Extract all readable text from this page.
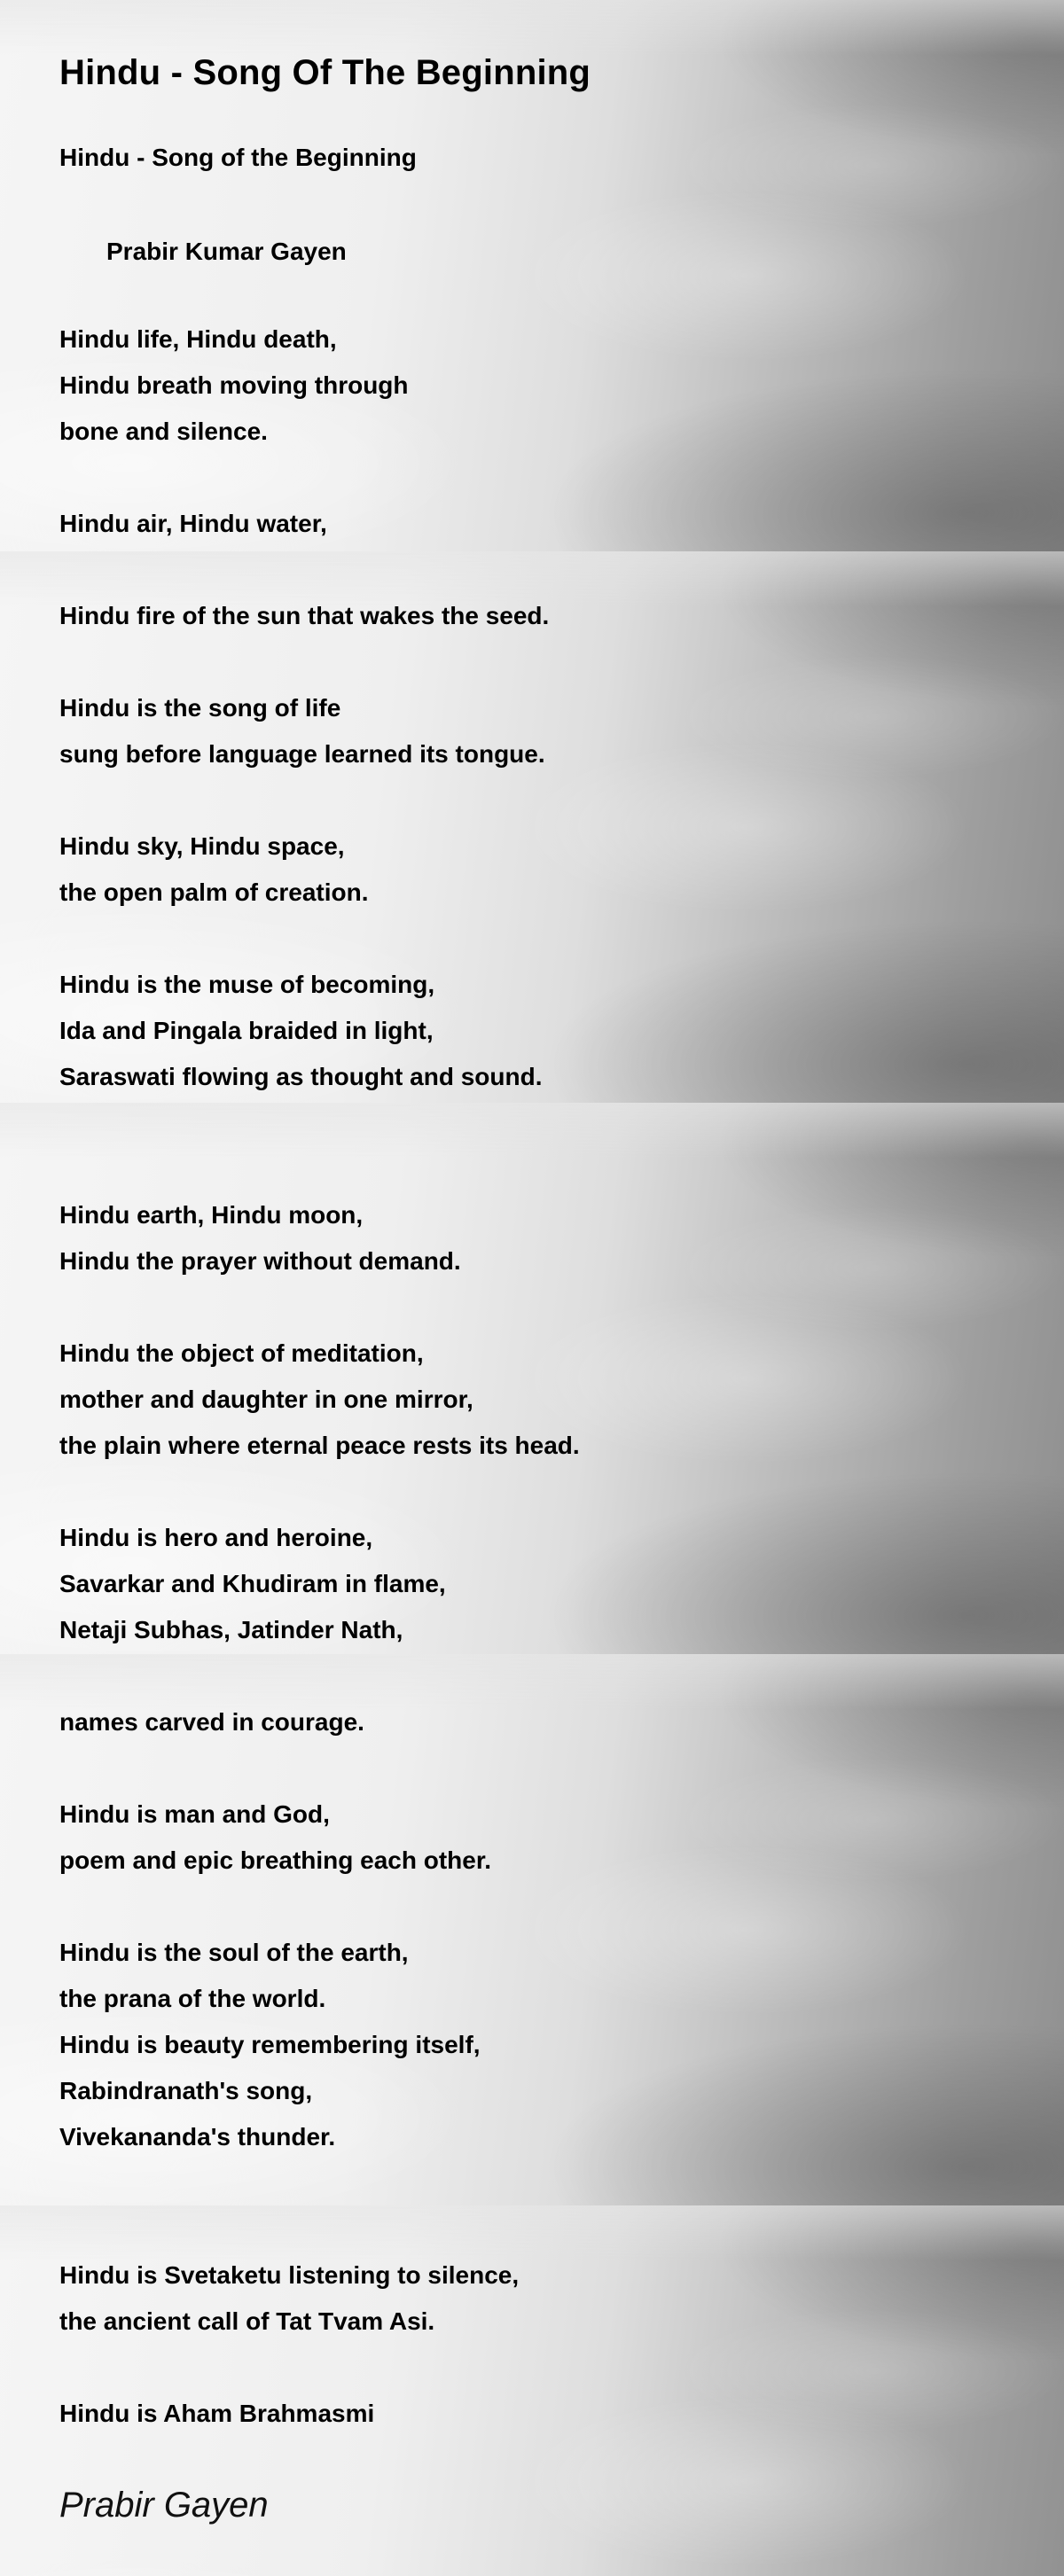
Hindu - Song Of The Beginning
Hindu - Song of the Beginning
Prabir Kumar Gayen
Hindu life, Hindu death,
Hindu breath moving through
bone and silence.
Hindu air, Hindu water,
Hindu fire of the sun that wakes the seed.
Hindu is the song of life
sung before language learned its tongue.
Hindu sky, Hindu space,
the open palm of creation.
Hindu is the muse of becoming,
Ida and Pingala braided in light,
Saraswati flowing as thought and sound.
Hindu earth, Hindu moon,
Hindu the prayer without demand.
Hindu the object of meditation,
mother and daughter in one mirror,
the plain where eternal peace rests its head.
Hindu is hero and heroine,
Savarkar and Khudiram in flame,
Netaji Subhas, Jatinder Nath,
names carved in courage.
Hindu is man and God,
poem and epic breathing each other.
Hindu is the soul of the earth,
the prana of the world.
Hindu is beauty remembering itself,
Rabindranath's song,
Vivekananda's thunder.
Hindu is Svetaketu listening to silence,
the ancient call of Tat Tvam Asi.
Hindu is Aham Brahmasmi
Prabir Gayen
